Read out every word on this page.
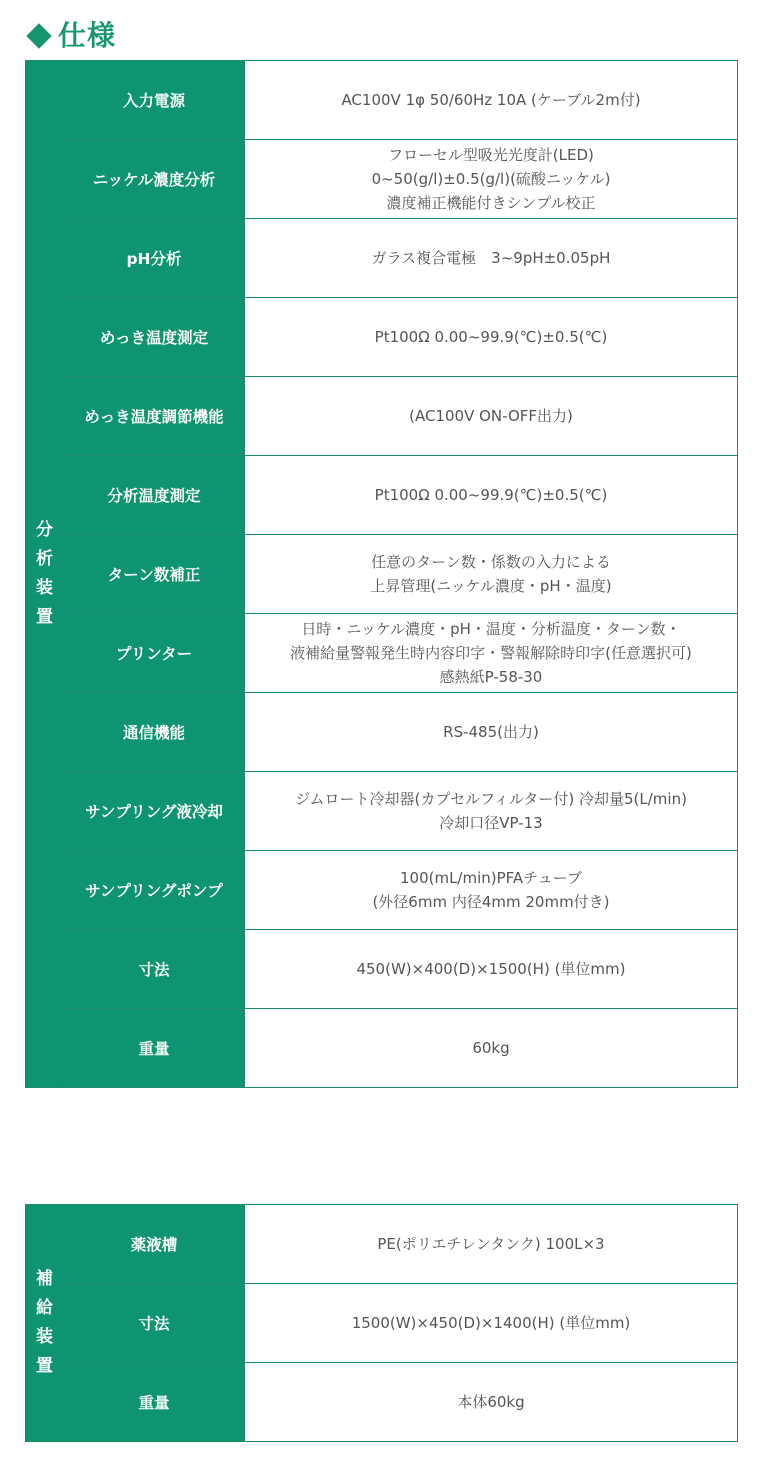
仕様
分
析
装
置	入力電源	AC100V 1φ 50/60Hz 10A (ケーブル2m付)

	ニッケル濃度分析	フローセル型吸光光度計(LED)
0~50(g/l)±0.5(g/l)(硫酸ニッケル)
濃度補正機能付きシンプル校正

	pH分析	ガラス複合電極　3~9pH±0.05pH

	めっき温度測定	Pt100Ω 0.00~99.9(℃)±0.5(℃)

	めっき温度調節機能	(AC100V ON-OFF出力)

	分析温度測定	Pt100Ω 0.00~99.9(℃)±0.5(℃)

	ターン数補正	任意のターン数・係数の入力による
上昇管理(ニッケル濃度・pH・温度)

	プリンター	日時・ニッケル濃度・pH・温度・分析温度・ターン数・
液補給量警報発生時内容印字・警報解除時印字(任意選択可)
感熱紙P-58-30

	通信機能	RS-485(出力)

	サンプリング液冷却	ジムロート冷却器(カプセルフィルター付) 冷却量5(L/min)
冷却口径VP-13

	サンプリングポンプ	100(mL/min)PFAチューブ
(外径6mm 内径4mm 20mm付き)

	寸法	450(W)×400(D)×1500(H) (単位mm)

	重量	60kg
補
給
装
置	薬液槽	PE(ポリエチレンタンク) 100L×3

	寸法	1500(W)×450(D)×1400(H) (単位mm)

	重量	本体60kg
